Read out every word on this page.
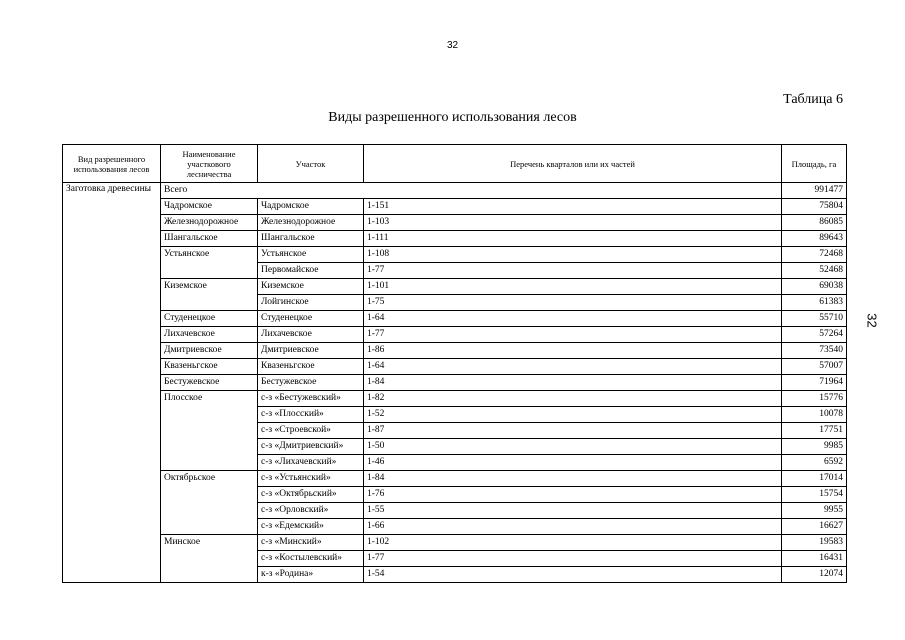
32
32
Таблица 6
Виды разрешенного использования лесов
Вид разрешенного использования лесов	Наименование участкового лесничества	Участок	Перечень кварталов или их частей	Площадь, га
Заготовка древесины	Всего			991477
	Чадромское	Чадромское	1-151	75804
	Железнодорожное	Железнодорожное	1-103	86085
	Шангальское	Шангальское	1-111	89643
	Устьянское	Устьянское	1-108	72468
		Первомайское	1-77	52468
	Киземское	Киземское	1-101	69038
		Лойгинское	1-75	61383
	Студенецкое	Студенецкое	1-64	55710
	Лихачевское	Лихачевское	1-77	57264
	Дмитриевское	Дмитриевское	1-86	73540
	Квазеньгское	Квазеньгское	1-64	57007
	Бестужевское	Бестужевское	1-84	71964
	Плосское	с-з «Бестужевский»	1-82	15776
		с-з «Плосский»	1-52	10078
		с-з «Строевской»	1-87	17751
		с-з «Дмитриевский»	1-50	9985
		с-з «Лихачевский»	1-46	6592
	Октябрьское	с-з «Устьянский»	1-84	17014
		с-з «Октябрьский»	1-76	15754
		с-з «Орловский»	1-55	9955
		с-з «Едемский»	1-66	16627
	Минское	с-з «Минский»	1-102	19583
		с-з «Костылевский»	1-77	16431
		к-з «Родина»	1-54	12074
